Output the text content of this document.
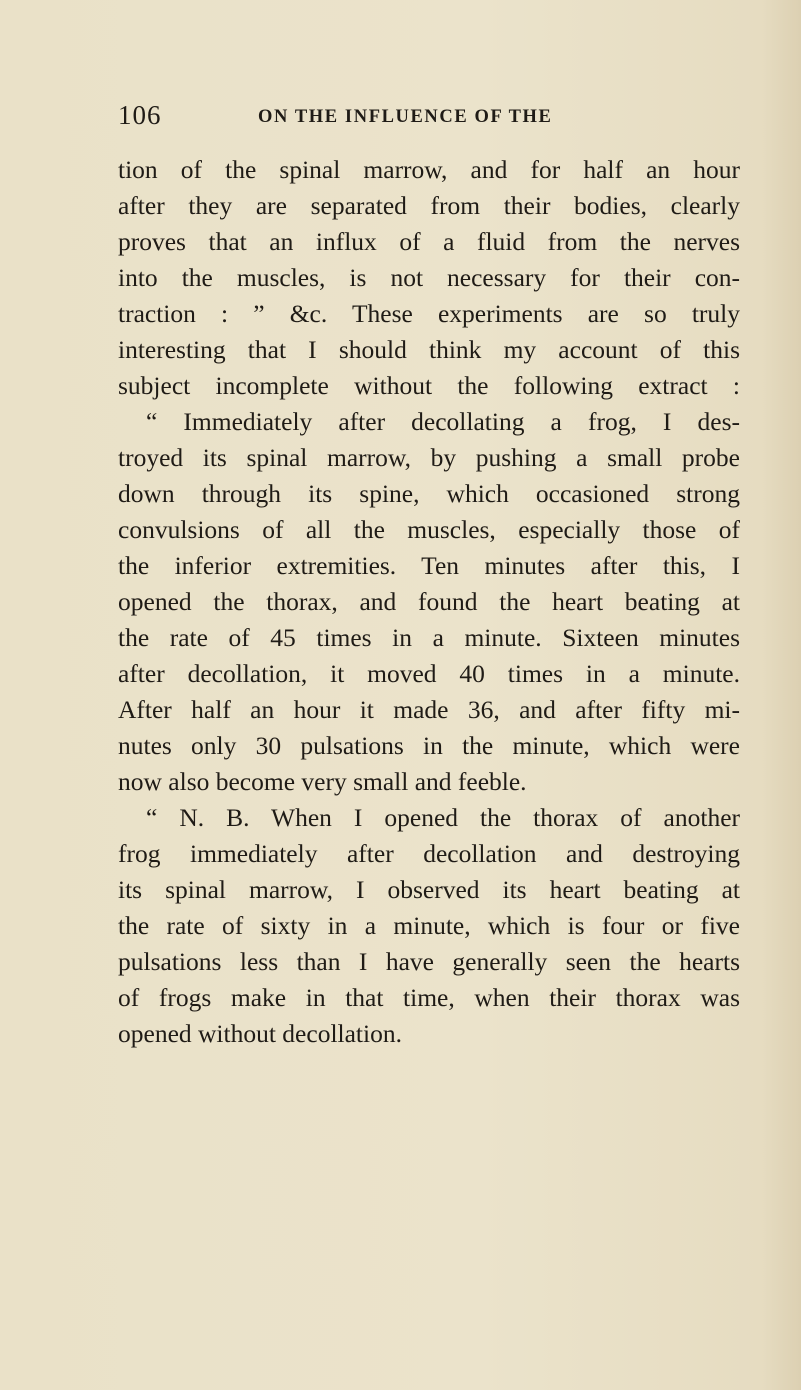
106	ON THE INFLUENCE OF THE
tion of the spinal marrow, and for half an hour
after they are separated from their bodies, clearly
proves that an influx of a fluid from the nerves
into the muscles, is not necessary for their con-
traction : ” &c. These experiments are so truly
interesting that I should think my account of this
subject incomplete without the following extract :
“ Immediately after decollating a frog, I des-
troyed its spinal marrow, by pushing a small probe
down through its spine, which occasioned strong
convulsions of all the muscles, especially those of
the inferior extremities. Ten minutes after this, I
opened the thorax, and found the heart beating at
the rate of 45 times in a minute. Sixteen minutes
after decollation, it moved 40 times in a minute.
After half an hour it made 36, and after fifty mi-
nutes only 30 pulsations in the minute, which were
now also become very small and feeble.
“ N. B. When I opened the thorax of another
frog immediately after decollation and destroying
its spinal marrow, I observed its heart beating at
the rate of sixty in a minute, which is four or five
pulsations less than I have generally seen the hearts
of frogs make in that time, when their thorax was
opened without decollation.
